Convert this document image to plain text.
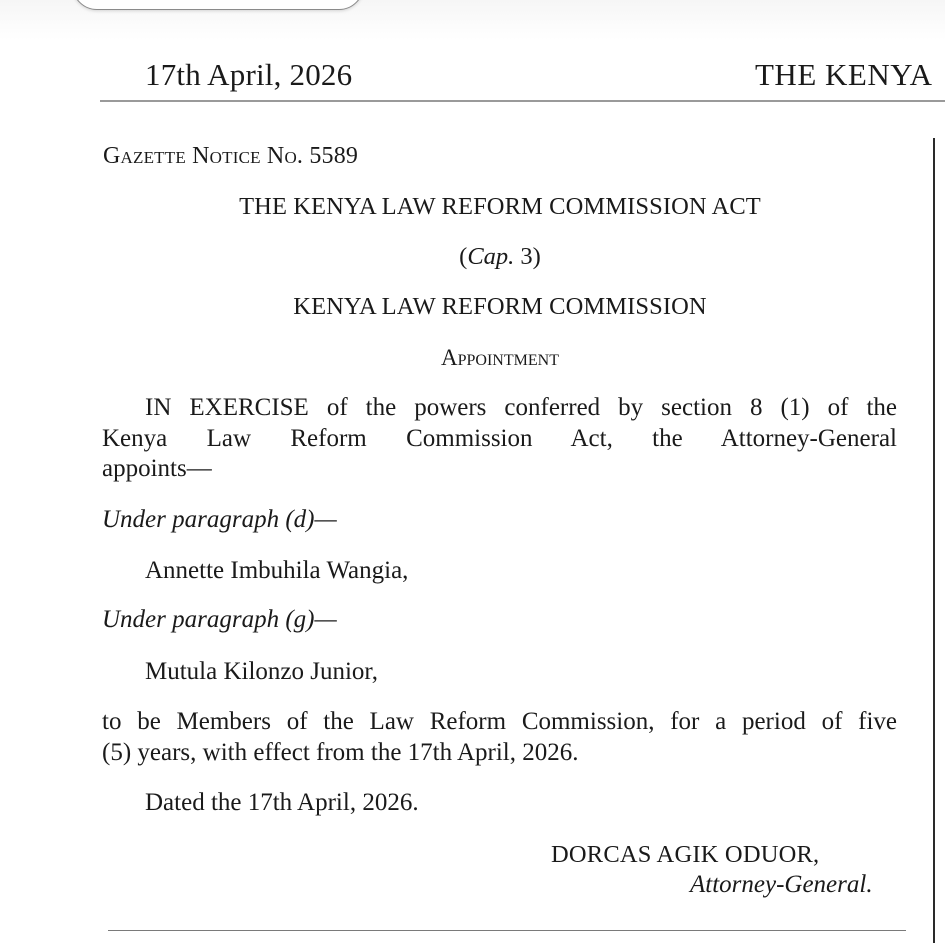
17th April, 2026	THE KENYA
Gazette Notice No. 5589
THE KENYA LAW REFORM COMMISSION ACT
(Cap. 3)
KENYA LAW REFORM COMMISSION
Appointment
IN EXERCISE of the powers conferred by section 8 (1) of the
Kenya Law Reform Commission Act, the Attorney-General
appoints—
Under paragraph (d)—
Annette Imbuhila Wangia,
Under paragraph (g)—
Mutula Kilonzo Junior,
to be Members of the Law Reform Commission, for a period of five
(5) years, with effect from the 17th April, 2026.
Dated the 17th April, 2026.
DORCAS AGIK ODUOR,
Attorney-General.
